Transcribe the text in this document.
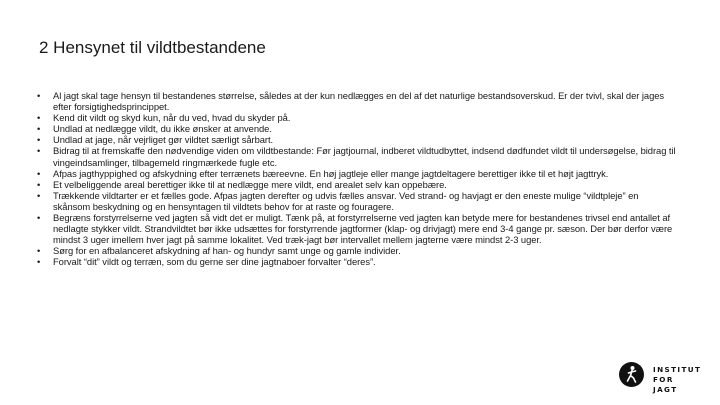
2 Hensynet til vildtbestandene
• Al jagt skal tage hensyn til bestandenes størrelse, således at der kun nedlægges en del af det naturlige bestandsoverskud. Er der tvivl, skal der jages efter forsigtighedsprincippet.
• Kend dit vildt og skyd kun, når du ved, hvad du skyder på.
• Undlad at nedlægge vildt, du ikke ønsker at anvende.
• Undlad at jage, når vejrliget gør vildtet særligt sårbart.
• Bidrag til at fremskaffe den nødvendige viden om vildtbestande: Før jagtjournal, indberet vildtudbyttet, indsend dødfundet vildt til undersøgelse, bidrag til vingeindsamlinger, tilbagemeld ringmærkede fugle etc.
• Afpas jagthyppighed og afskydning efter terrænets bæreevne. En høj jagtleje eller mange jagtdeltagere berettiger ikke til et højt jagttryk.
• Et velbeliggende areal berettiger ikke til at nedlægge mere vildt, end arealet selv kan oppebære.
• Trækkende vildtarter er et fælles gode. Afpas jagten derefter og udvis fælles ansvar. Ved strand- og havjagt er den eneste mulige “vildtpleje” en skånsom beskydning og en hensyntagen til vildtets behov for at raste og fouragere.
• Begræns forstyrrelserne ved jagten så vidt det er muligt. Tænk på, at forstyrrelserne ved jagten kan betyde mere for bestandenes trivsel end antallet af nedlagte stykker vildt. Strandvildtet bør ikke udsættes for forstyrrende jagtformer (klap- og drivjagt) mere end 3-4 gange pr. sæson. Der bør derfor være mindst 3 uger imellem hver jagt på samme lokalitet. Ved træk-jagt bør intervallet mellem jagterne være mindst 2-3 uger.
• Sørg for en afbalanceret afskydning af han- og hundyr samt unge og gamle individer.
• Forvalt “dit” vildt og terræn, som du gerne ser dine jagtnaboer forvalter “deres”.
INSTITUT
FOR JAGT
